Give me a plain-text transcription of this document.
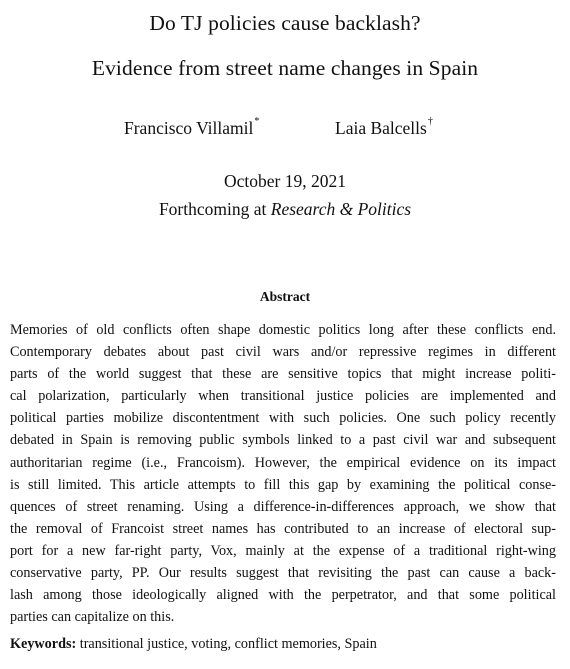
Do TJ policies cause backlash?
Evidence from street name changes in Spain
Francisco Villamil*	Laia Balcells†
October 19, 2021
Forthcoming at Research & Politics
Abstract
Memories of old conflicts often shape domestic politics long after these conflicts end.
Contemporary debates about past civil wars and/or repressive regimes in different
parts of the world suggest that these are sensitive topics that might increase politi-
cal polarization, particularly when transitional justice policies are implemented and
political parties mobilize discontentment with such policies. One such policy recently
debated in Spain is removing public symbols linked to a past civil war and subsequent
authoritarian regime (i.e., Francoism). However, the empirical evidence on its impact
is still limited. This article attempts to fill this gap by examining the political conse-
quences of street renaming. Using a difference-in-differences approach, we show that
the removal of Francoist street names has contributed to an increase of electoral sup-
port for a new far-right party, Vox, mainly at the expense of a traditional right-wing
conservative party, PP. Our results suggest that revisiting the past can cause a back-
lash among those ideologically aligned with the perpetrator, and that some political
parties can capitalize on this.
Keywords: transitional justice, voting, conflict memories, Spain
